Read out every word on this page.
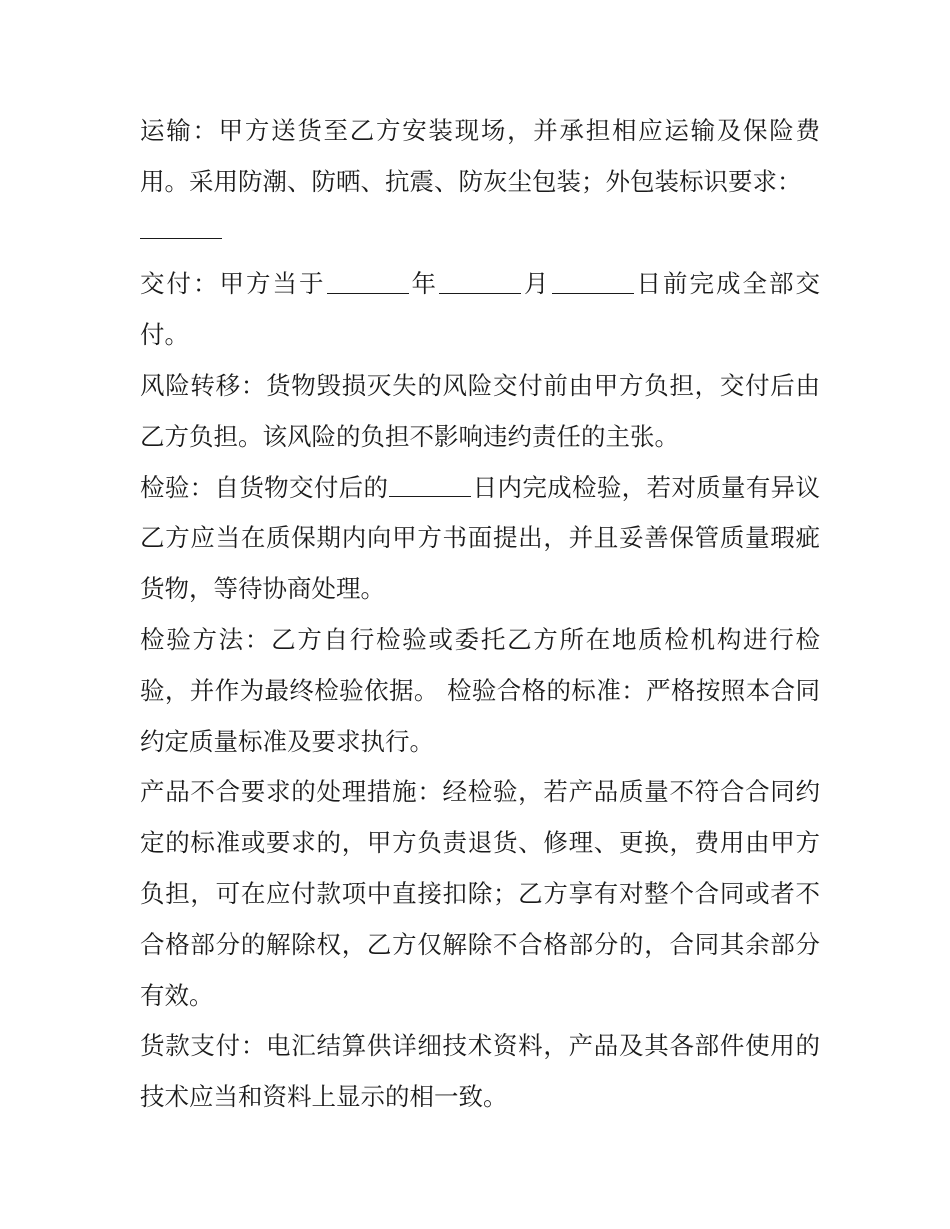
运输：甲方送货至乙方安装现场，并承担相应运输及保险费用。采用防潮、防晒、抗震、防灰尘包装；外包装标识要求：

交付：甲方当于	年	月	日前完成全部交付。

风险转移：货物毁损灭失的风险交付前由甲方负担，交付后由乙方负担。该风险的负担不影响违约责任的主张。

检验：自货物交付后的	日内完成检验，若对质量有异议乙方应当在质保期内向甲方书面提出，并且妥善保管质量瑕疵货物，等待协商处理。

检验方法：乙方自行检验或委托乙方所在地质检机构进行检验，并作为最终检验依据。 检验合格的标准：严格按照本合同约定质量标准及要求执行。

产品不合要求的处理措施：经检验，若产品质量不符合合同约定的标准或要求的，甲方负责退货、修理、更换，费用由甲方负担，可在应付款项中直接扣除；乙方享有对整个合同或者不合格部分的解除权，乙方仅解除不合格部分的，合同其余部分有效。

货款支付：电汇结算供详细技术资料，产品及其各部件使用的技术应当和资料上显示的相一致。
